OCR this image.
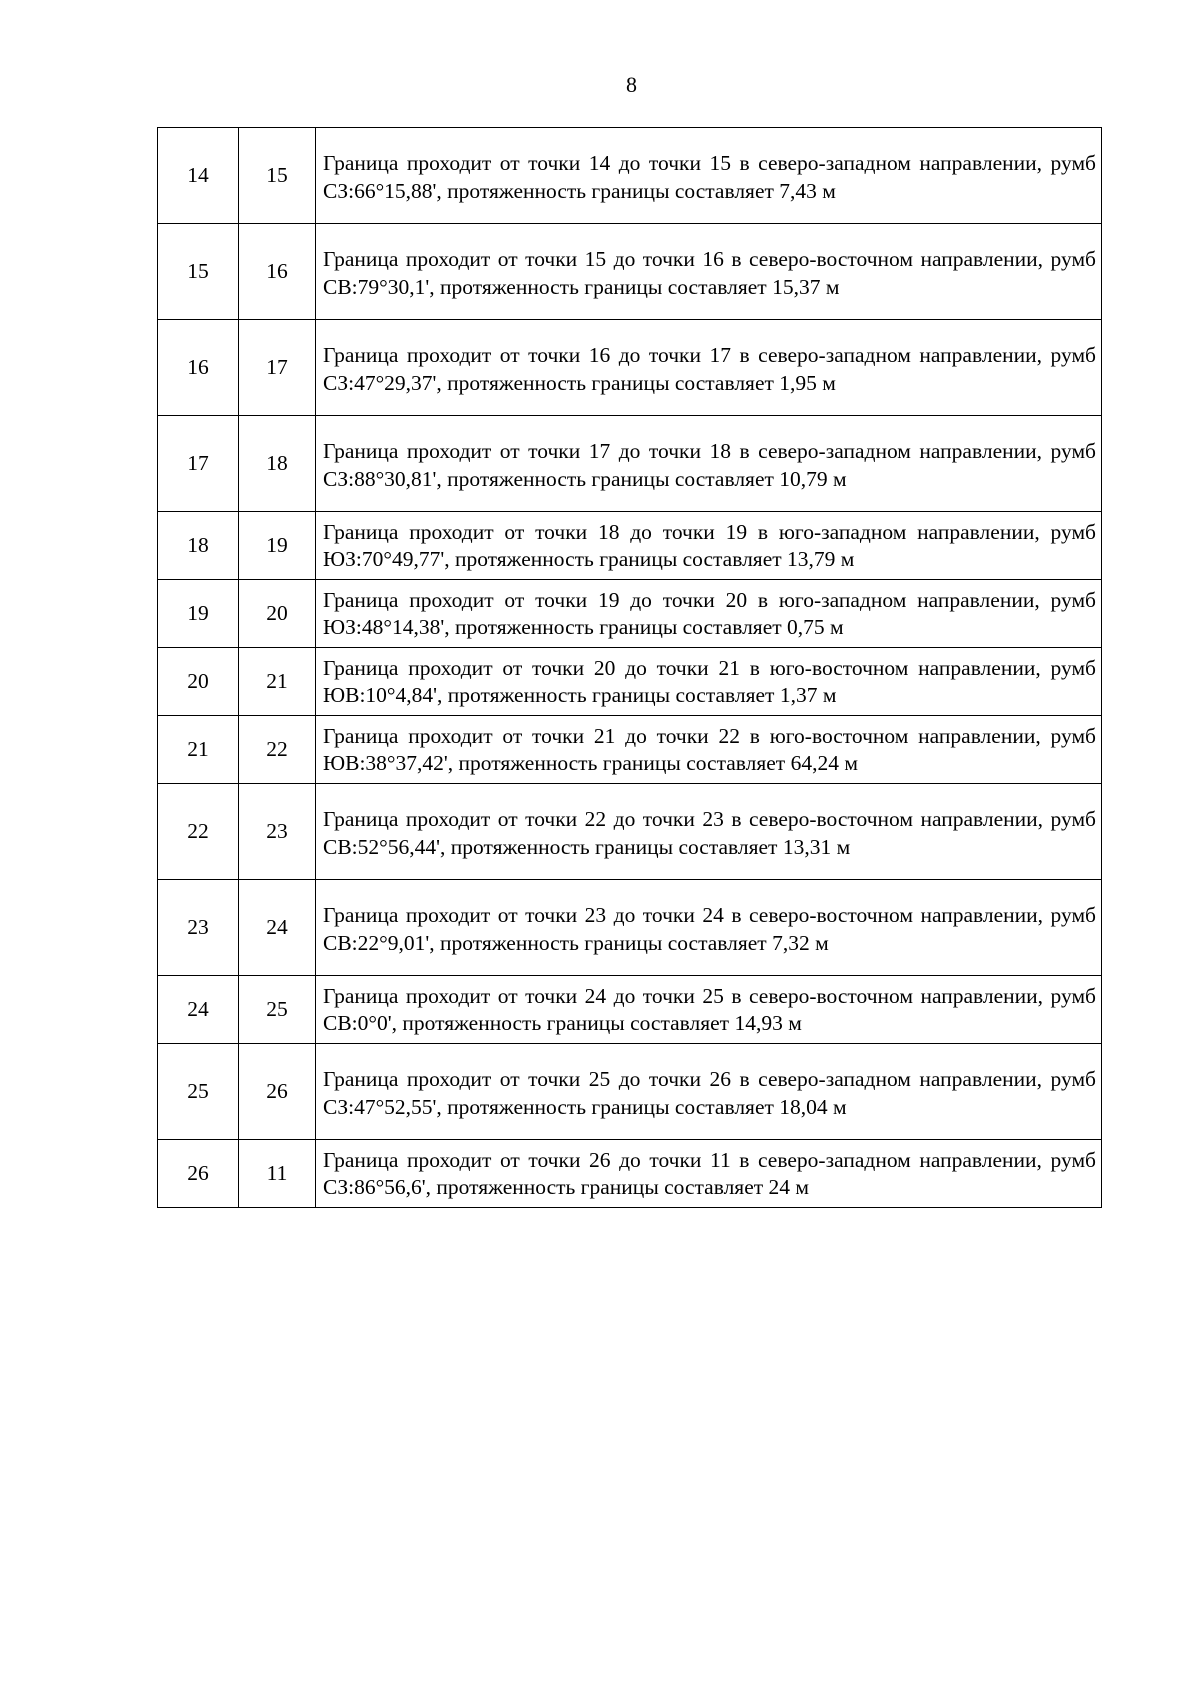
8
14	15	Граница проходит от точки 14 до точки 15 в северо-западном направлении, румб СЗ:66°15,88', протяженность границы составляет 7,43 м
15	16	Граница проходит от точки 15 до точки 16 в северо-восточном направлении, румб СВ:79°30,1', протяженность границы составляет 15,37 м
16	17	Граница проходит от точки 16 до точки 17 в северо-западном направлении, румб СЗ:47°29,37', протяженность границы составляет 1,95 м
17	18	Граница проходит от точки 17 до точки 18 в северо-западном направлении, румб СЗ:88°30,81', протяженность границы составляет 10,79 м
18	19	Граница проходит от точки 18 до точки 19 в юго-западном направлении, румб ЮЗ:70°49,77', протяженность границы составляет 13,79 м
19	20	Граница проходит от точки 19 до точки 20 в юго-западном направлении, румб ЮЗ:48°14,38', протяженность границы составляет 0,75 м
20	21	Граница проходит от точки 20 до точки 21 в юго-восточном направлении, румб ЮВ:10°4,84', протяженность границы составляет 1,37 м
21	22	Граница проходит от точки 21 до точки 22 в юго-восточном направлении, румб ЮВ:38°37,42', протяженность границы составляет 64,24 м
22	23	Граница проходит от точки 22 до точки 23 в северо-восточном направлении, румб СВ:52°56,44', протяженность границы составляет 13,31 м
23	24	Граница проходит от точки 23 до точки 24 в северо-восточном направлении, румб СВ:22°9,01', протяженность границы составляет 7,32 м
24	25	Граница проходит от точки 24 до точки 25 в северо-восточном направлении, румб СВ:0°0', протяженность границы составляет 14,93 м
25	26	Граница проходит от точки 25 до точки 26 в северо-западном направлении, румб СЗ:47°52,55', протяженность границы составляет 18,04 м
26	11	Граница проходит от точки 26 до точки 11 в северо-западном направлении, румб СЗ:86°56,6', протяженность границы составляет 24 м
